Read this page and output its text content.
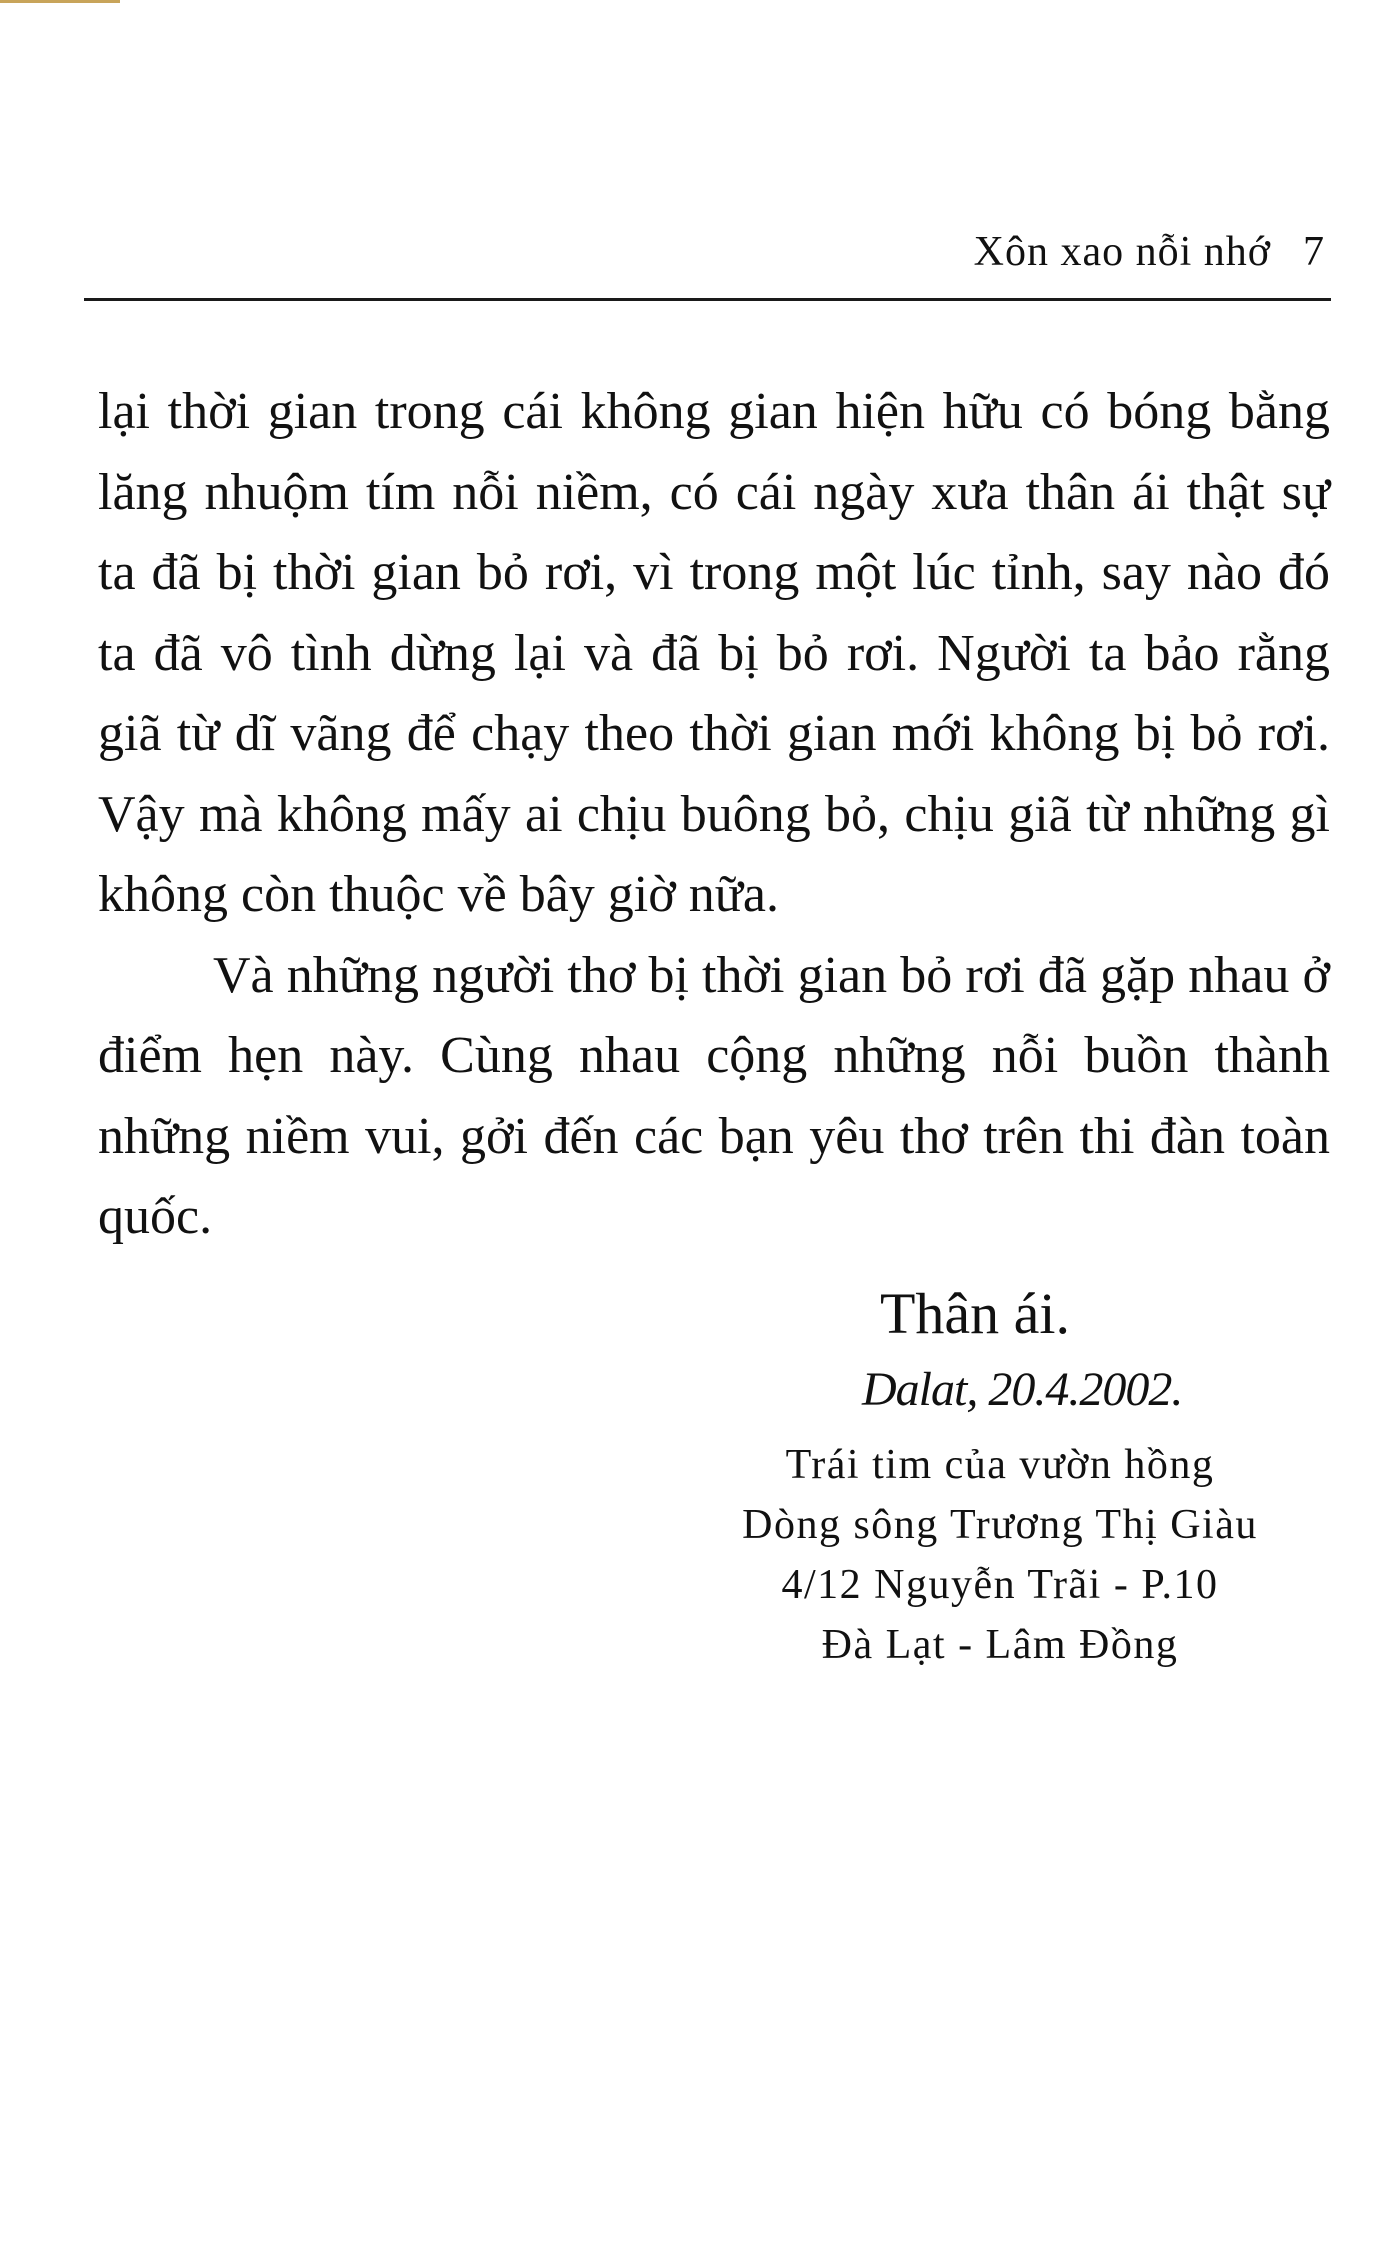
Xôn xao nỗi nhớ 7

lại thời gian trong cái không gian hiện hữu có bóng bằng lăng nhuộm tím nỗi niềm, có cái ngày xưa thân ái thật sự ta đã bị thời gian bỏ rơi, vì trong một lúc tỉnh, say nào đó ta đã vô tình dừng lại và đã bị bỏ rơi. Người ta bảo rằng giã từ dĩ vãng để chạy theo thời gian mới không bị bỏ rơi. Vậy mà không mấy ai chịu buông bỏ, chịu giã từ những gì không còn thuộc về bây giờ nữa.

Và những người thơ bị thời gian bỏ rơi đã gặp nhau ở điểm hẹn này. Cùng nhau cộng những nỗi buồn thành những niềm vui, gởi đến các bạn yêu thơ trên thi đàn toàn quốc.

Thân ái.
Dalat, 20.4.2002.
Trái tim của vườn hồng
Dòng sông Trương Thị Giàu
4/12 Nguyễn Trãi - P.10
Đà Lạt - Lâm Đồng
